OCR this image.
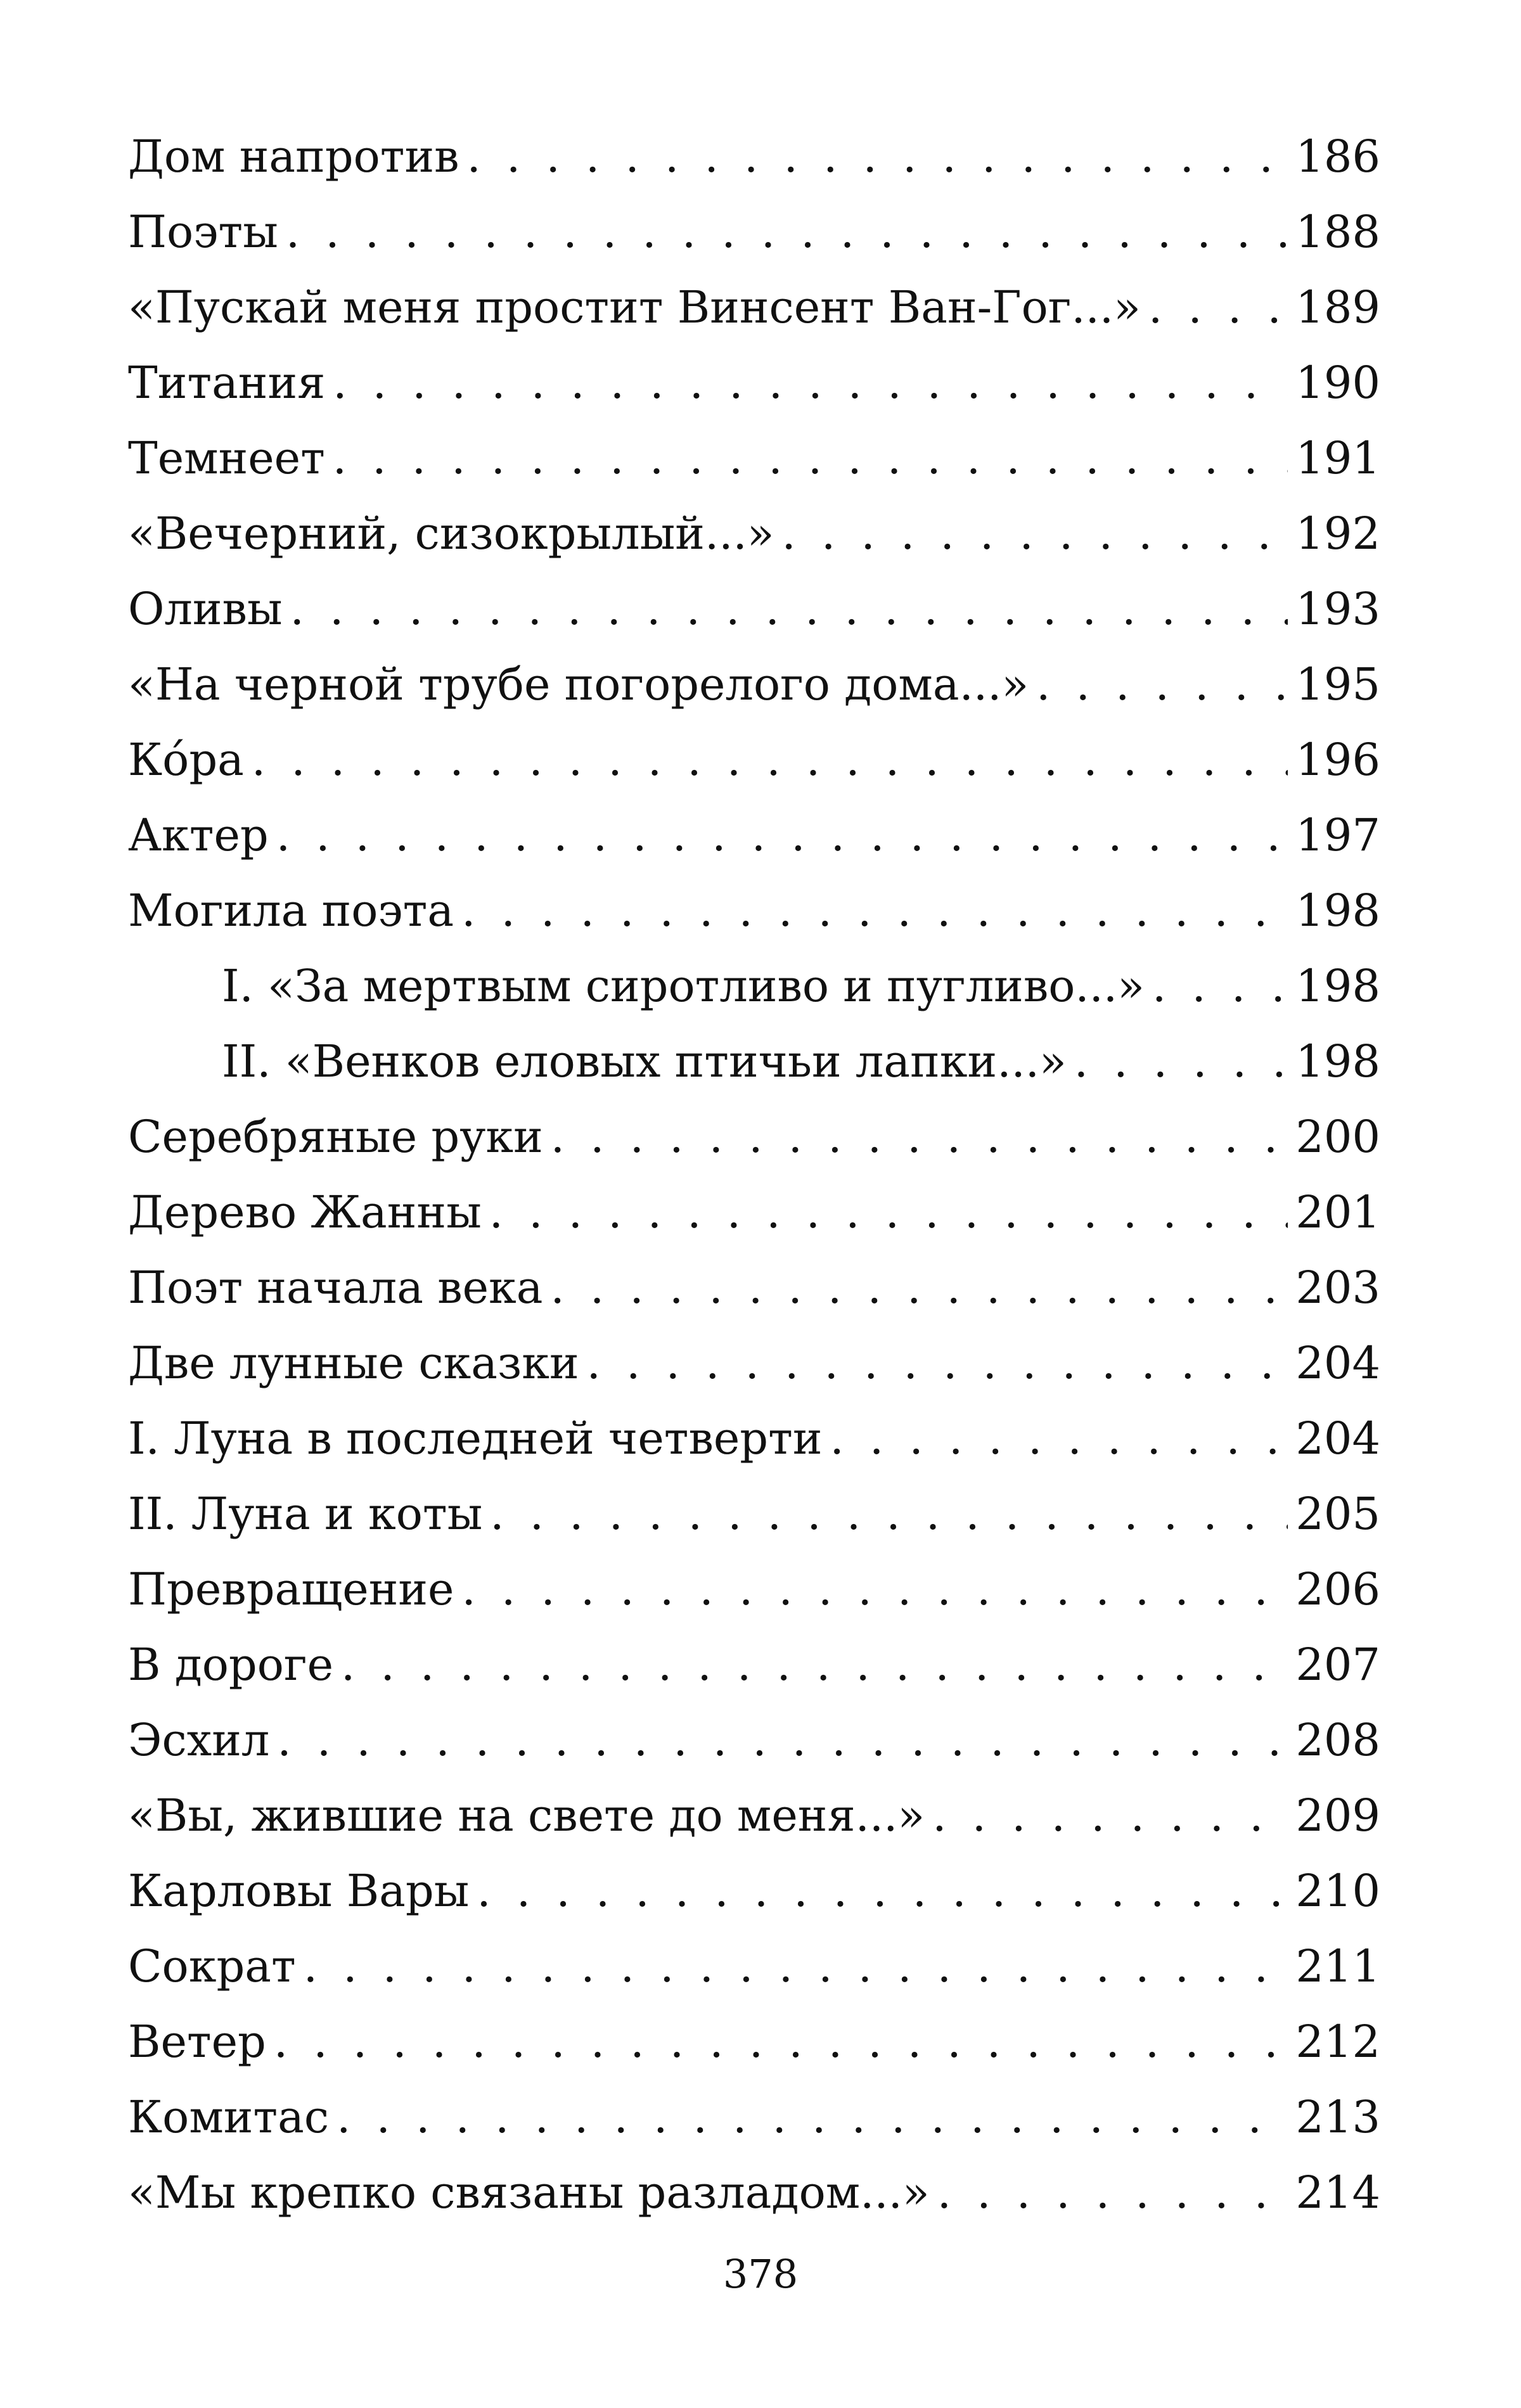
Дом напротив . . .	186
Поэты . . .	188
«Пускай меня простит Винсент Ван-Гог...» . . .	189
Титания . . .	190
Темнеет . . .	191
«Вечерний, сизокрылый...» . . .	192
Оливы . . .	193
«На черной трубе погорелого дома...» . . .	195
Ко́ра . . .	196
Актер . . .	197
Могила поэта . . .	198
I. «За мертвым сиротливо и пугливо...» . . .	198
II. «Венков еловых птичьи лапки...» . . .	198
Серебряные руки . . .	200
Дерево Жанны . . .	201
Поэт начала века . . .	203
Две лунные сказки . . .	204
I. Луна в последней четверти . . .	204
II. Луна и коты . . .	205
Превращение . . .	206
В дороге . . .	207
Эсхил . . .	208
«Вы, жившие на свете до меня...» . . .	209
Карловы Вары . . .	210
Сократ . . .	211
Ветер . . .	212
Комитас . . .	213
«Мы крепко связаны разладом...» . . .	214
378
